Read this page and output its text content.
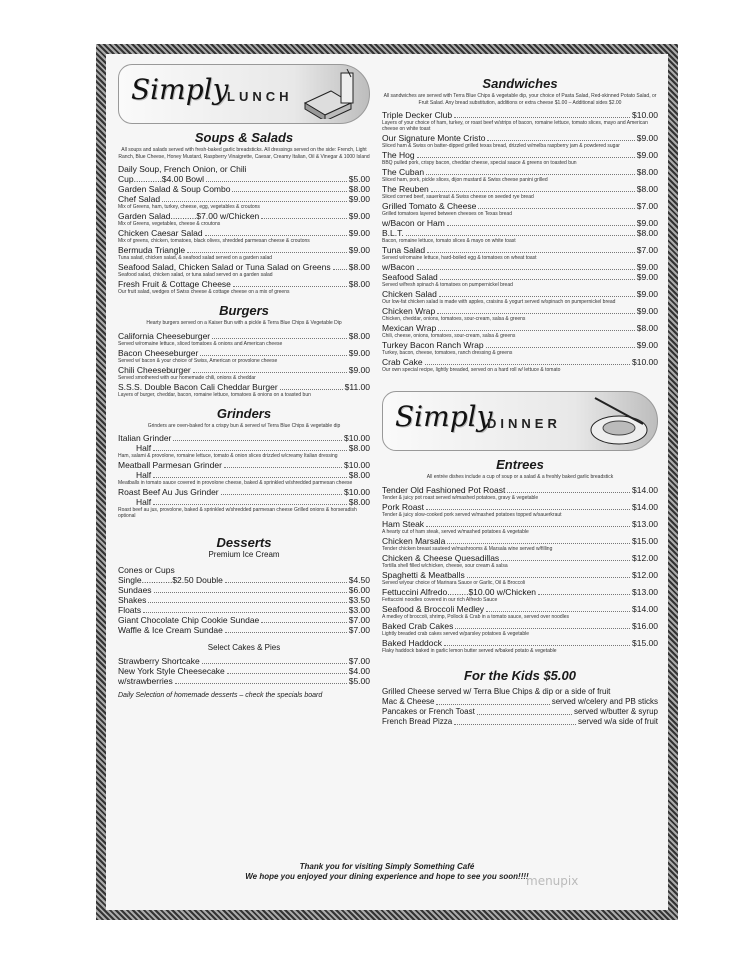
Simply
LUNCH

Soups & Salads

All soups and salads served with fresh-baked garlic breadsticks. All dressings served on the side: French, Light Ranch, Blue Cheese, Honey Mustard, Raspberry Vinaigrette, Caesar, Creamy Italian, Oil & Vinegar & 1000 Island
Daily Soup, French Onion, or Chili
Cup............$4.00 Bowl	$5.00
Garden Salad & Soup Combo	$8.00
Chef Salad	$9.00
Mix of Greens, ham, turkey, cheese, egg, vegetables & croutons
Garden Salad...........$7.00 w/Chicken	$9.00
Mix of Greens, vegetables, cheese & croutons
Chicken Caesar Salad	$9.00
Mix of greens, chicken, tomatoes, black olives, shredded parmesan cheese & croutons
Bermuda Triangle	$9.00
Tuna salad, chicken salad, & seafood salad served on a garden salad
Seafood Salad, Chicken Salad or Tuna Salad on Greens $8.00
Seafood salad, chicken salad, or tuna salad served on a garden salad
Fresh Fruit & Cottage Cheese	$8.00
Our fruit salad, wedges of Swiss cheese & cottage cheese on a mix of greens

Burgers

Hearty burgers served on a Kaiser Bun with a pickle & Terra Blue Chips & Vegetable Dip
California Cheeseburger	$8.00
Served w/romaine lettuce, sliced tomatoes & onions and American cheese
Bacon Cheeseburger	$9.00
Served w/ bacon & your choice of Swiss, American or provolone cheese
Chili Cheeseburger	$9.00
Served smothered with our homemade chili, onions & cheddar
S.S.S. Double Bacon Cali Cheddar Burger	$11.00
Layers of burger, cheddar, bacon, romaine lettuce, tomatoes & onions on a toasted bun

Grinders

Grinders are oven-baked for a crispy bun & served w/ Terra Blue Chips & vegetable dip
Italian Grinder	$10.00
Half	$8.00
Ham, salami & provolone, romaine lettuce, tomato & onion slices drizzled w/creamy Italian dressing
Meatball Parmesan Grinder	$10.00
Half	$8.00
Meatballs in tomato sauce covered in provolone cheese, baked & sprinkled w/shredded parmesan cheese
Roast Beef Au Jus Grinder	$10.00
Half	$8.00
Roast beef au jus, provolone, baked & sprinkled w/shredded parmesan cheese Grilled onions & horseradish optional

Desserts

Premium Ice Cream
Cones or Cups
Single.............$2.50 Double	$4.50
Sundaes	$6.00
Shakes	$3.50
Floats	$3.00
Giant Chocolate Chip Cookie Sundae	$7.00
Waffle & Ice Cream Sundae	$7.00
Select Cakes & Pies
Strawberry Shortcake	$7.00
New York Style Cheesecake	$4.00
w/strawberries	$5.00
Daily Selection of homemade desserts – check the specials board

Sandwiches

All sandwiches are served with Terra Blue Chips & vegetable dip, your choice of Pasta Salad, Red-skinned Potato Salad, or Fruit Salad. Any bread substitution, additions or extra cheese $1.00 – Additional sides $2.00
Triple Decker Club	$10.00
Layers of your choice of ham, turkey, or roast beef w/strips of bacon, romaine lettuce, tomato slices, mayo and American cheese on white toast
Our Signature Monte Cristo	$9.00
Sliced ham & Swiss on batter-dipped grilled texas bread, drizzled w/melba raspberry jam & powdered sugar
The Hog	$9.00
BBQ pulled pork, crispy bacon, cheddar cheese, special sauce & greens on toasted bun
The Cuban	$8.00
Sliced ham, pork, pickle slices, dijon mustard & Swiss cheese panini grilled
The Reuben	$8.00
Sliced corned beef, sauerkraut & Swiss cheese on seeded rye bread
Grilled Tomato & Cheese	$7.00
Grilled tomatoes layered between cheeses on Texas bread
w/Bacon or Ham	$9.00
B.L.T.	$8.00
Bacon, romaine lettuce, tomato slices & mayo on white toast
Tuna Salad	$7.00
Served w/romaine lettuce, hard-boiled egg & tomatoes on wheat toast
w/Bacon	$9.00
Seafood Salad	$9.00
Served w/fresh spinach & tomatoes on pumpernickel bread
Chicken Salad	$9.00
Our low-fat chicken salad is made with apples, craisins & yogurt served w/spinach on pumpernickel bread
Chicken Wrap	$9.00
Chicken, cheddar, onions, tomatoes, sour-cream, salsa & greens
Mexican Wrap	$8.00
Chili, cheese, onions, tomatoes, sour-cream, salsa & greens
Turkey Bacon Ranch Wrap	$9.00
Turkey, bacon, cheese, tomatoes, ranch dressing & greens
Crab Cake	$10.00
Our own special recipe, lightly breaded, served on a hard roll w/ lettuce & tomato
Simply
DINNER

Entrees

All entrée dishes include a cup of soup or a salad & a freshly baked garlic breadstick
Tender Old Fashioned Pot Roast	$14.00
Tender & juicy pot roast served w/mashed potatoes, gravy & vegetable
Pork Roast	$14.00
Tender & juicy slow-cooked pork served w/mashed potatoes topped w/sauerkraut
Ham Steak	$13.00
A hearty cut of ham steak, served w/mashed potatoes & vegetable
Chicken Marsala	$15.00
Tender chicken breast sauteed w/mushrooms & Marsala wine served w/filling
Chicken & Cheese Quesadillas	$12.00
Tortilla shell filled w/chicken, cheese, sour cream & salsa
Spaghetti & Meatballs	$12.00
Served w/your choice of Marinara Sauce or Garlic, Oil & Broccoli
Fettuccini Alfredo.........$10.00 w/Chicken	$13.00
Fettuccini noodles covered in our rich Alfredo Sauce
Seafood & Broccoli Medley	$14.00
A medley of broccoli, shrimp, Pollock & Crab in a tomato sauce, served over noodles
Baked Crab Cakes	$16.00
Lightly breaded crab cakes served w/parsley potatoes & vegetable
Baked Haddock	$15.00
Flaky haddock baked in garlic lemon butter served w/baked potato & vegetable

For the Kids $5.00

Grilled Cheese served w/ Terra Blue Chips & dip or a side of fruit
Mac & Cheese	served w/celery and PB sticks
Pancakes or French Toast	served w/butter & syrup
French Bread Pizza	served w/a side of fruit
Thank you for visiting Simply Something Café
We hope you enjoyed your dining experience and hope to see you soon!!!!
menupix
